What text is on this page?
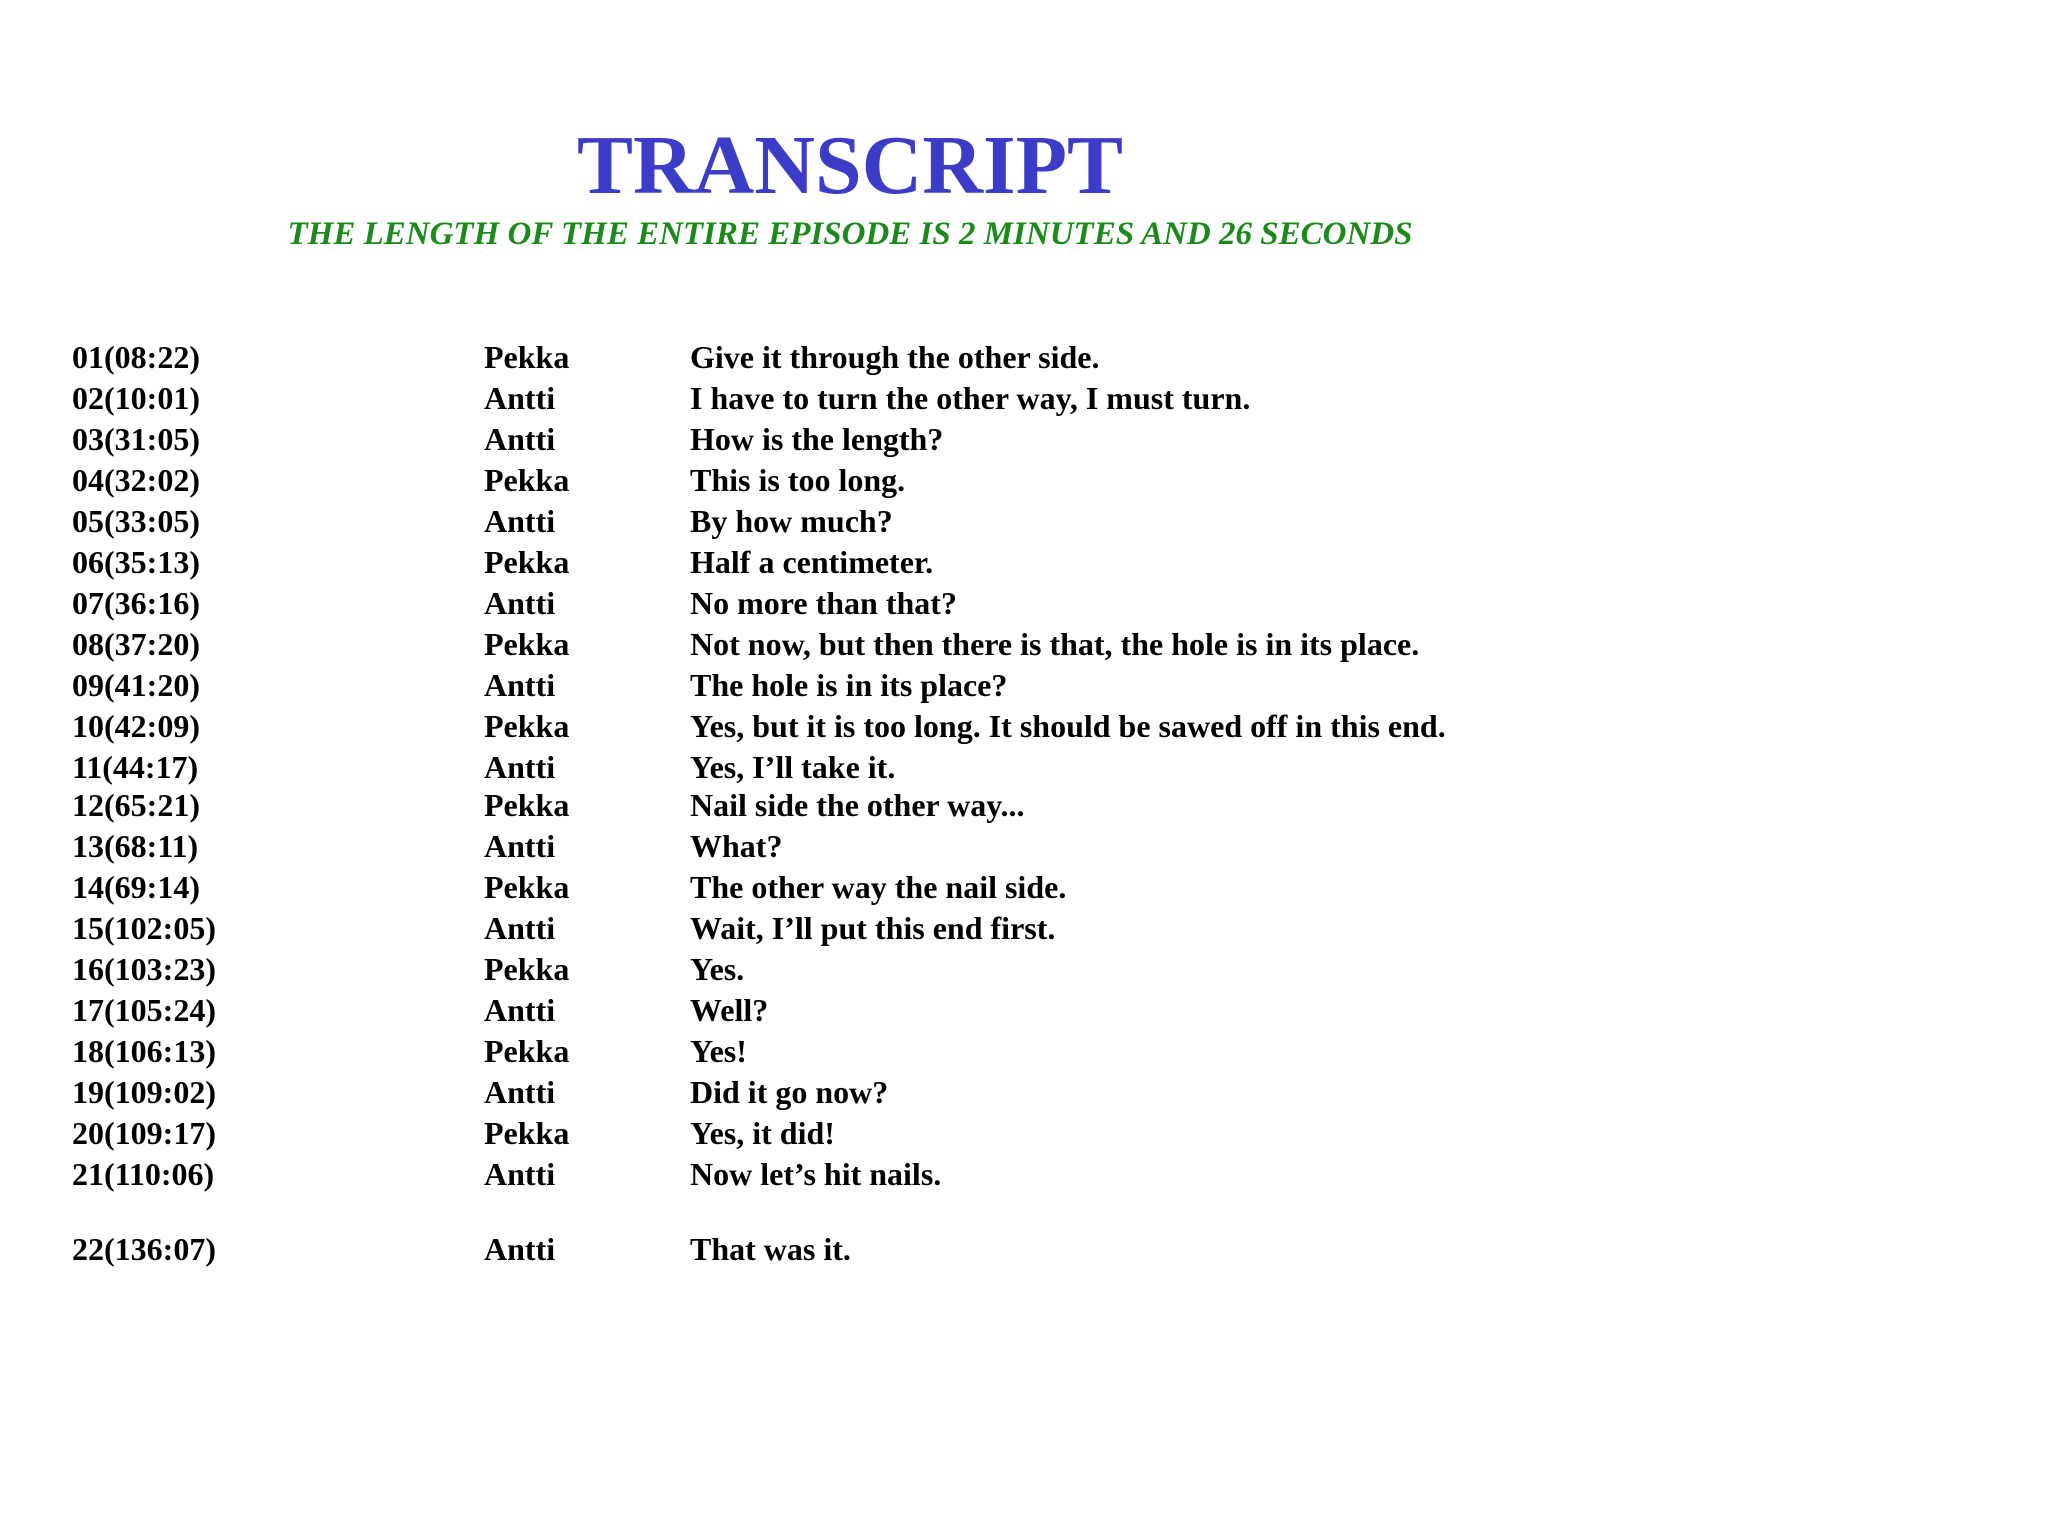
TRANSCRIPT
THE LENGTH OF THE ENTIRE EPISODE IS 2 MINUTES AND 26 SECONDS
01(08:22)	Pekka	Give it through the other side.
02(10:01)	Antti	I have to turn the other way, I must turn.
03(31:05)	Antti	How is the length?
04(32:02)	Pekka	This is too long.
05(33:05)	Antti	By how much?
06(35:13)	Pekka	Half a centimeter.
07(36:16)	Antti	No more than that?
08(37:20)	Pekka	Not now, but then there is that, the hole is in its place.
09(41:20)	Antti	The hole is in its place?
10(42:09)	Pekka	Yes, but it is too long. It should be sawed off in this end.
11(44:17)	Antti	Yes, I’ll take it.
12(65:21)	Pekka	Nail side the other way...
13(68:11)	Antti	What?
14(69:14)	Pekka	The other way the nail side.
15(102:05)	Antti	Wait, I’ll put this end first.
16(103:23)	Pekka	Yes.
17(105:24)	Antti	Well?
18(106:13)	Pekka	Yes!
19(109:02)	Antti	Did it go now?
20(109:17)	Pekka	Yes, it did!
21(110:06)	Antti	Now let’s hit nails.
22(136:07)	Antti	That was it.
